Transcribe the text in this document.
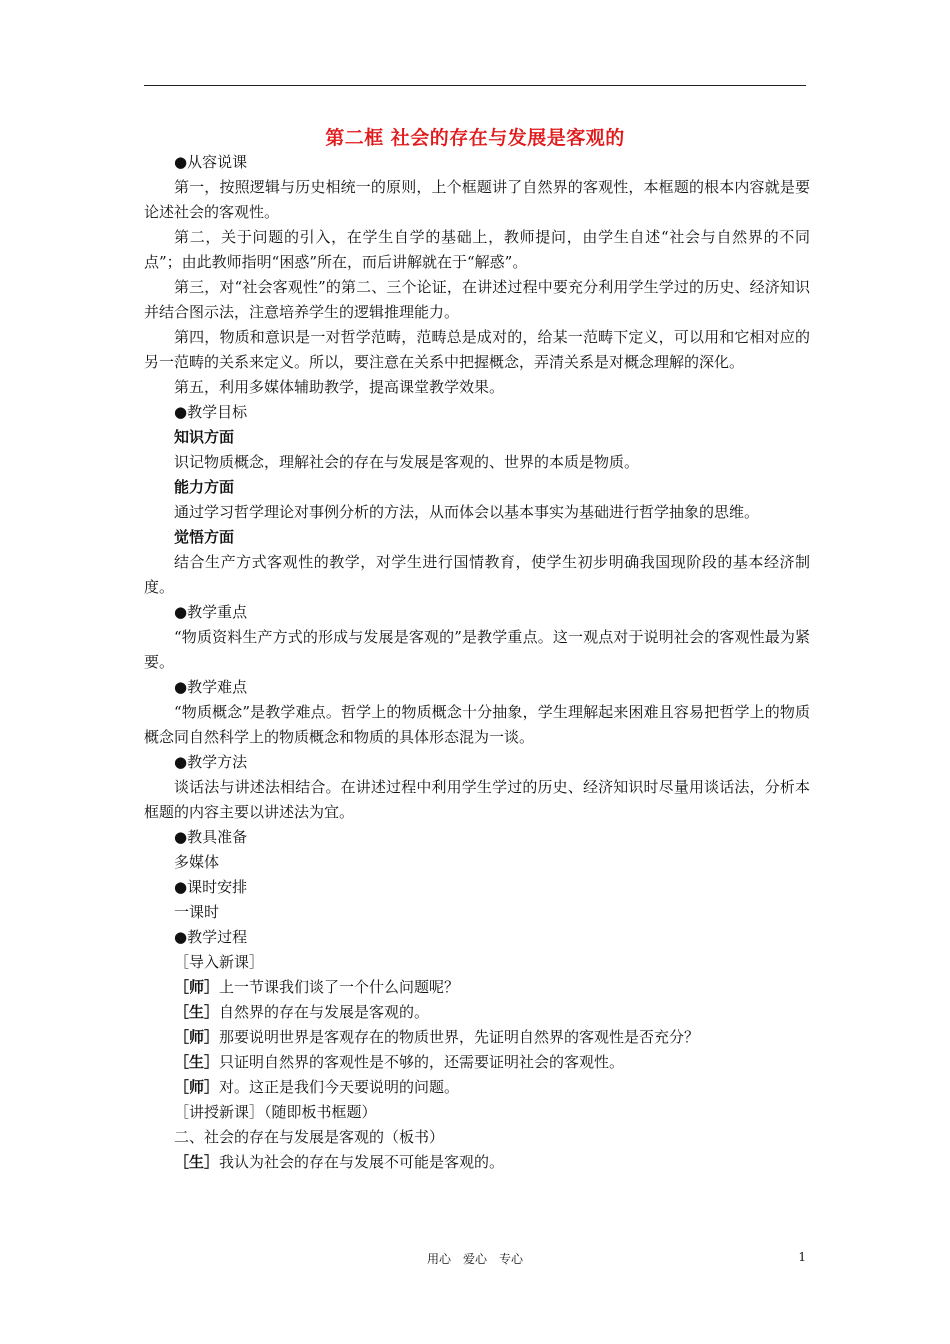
第二框 社会的存在与发展是客观的

●从容说课

第一，按照逻辑与历史相统一的原则，上个框题讲了自然界的客观性，本框题的根本内容就是要论述社会的客观性。

第二，关于问题的引入，在学生自学的基础上，教师提问，由学生自述“社会与自然界的不同点”；由此教师指明“困惑”所在，而后讲解就在于“解惑”。

第三，对“社会客观性”的第二、三个论证，在讲述过程中要充分利用学生学过的历史、经济知识并结合图示法，注意培养学生的逻辑推理能力。

第四，物质和意识是一对哲学范畴，范畴总是成对的，给某一范畴下定义，可以用和它相对应的另一范畴的关系来定义。所以，要注意在关系中把握概念，弄清关系是对概念理解的深化。

第五，利用多媒体辅助教学，提高课堂教学效果。

●教学目标

知识方面

识记物质概念，理解社会的存在与发展是客观的、世界的本质是物质。

能力方面

通过学习哲学理论对事例分析的方法，从而体会以基本事实为基础进行哲学抽象的思维。

觉悟方面

结合生产方式客观性的教学，对学生进行国情教育，使学生初步明确我国现阶段的基本经济制度。

●教学重点

“物质资料生产方式的形成与发展是客观的”是教学重点。这一观点对于说明社会的客观性最为紧要。

●教学难点

“物质概念”是教学难点。哲学上的物质概念十分抽象，学生理解起来困难且容易把哲学上的物质概念同自然科学上的物质概念和物质的具体形态混为一谈。

●教学方法

谈话法与讲述法相结合。在讲述过程中利用学生学过的历史、经济知识时尽量用谈话法，分析本框题的内容主要以讲述法为宜。

●教具准备

多媒体

●课时安排

一课时

●教学过程

［导入新课］

［师］上一节课我们谈了一个什么问题呢？

［生］自然界的存在与发展是客观的。

［师］那要说明世界是客观存在的物质世界，先证明自然界的客观性是否充分？

［生］只证明自然界的客观性是不够的，还需要证明社会的客观性。

［师］对。这正是我们今天要说明的问题。

［讲授新课］（随即板书框题）

二、社会的存在与发展是客观的（板书）

［生］我认为社会的存在与发展不可能是客观的。

用心　爱心　专心	1
